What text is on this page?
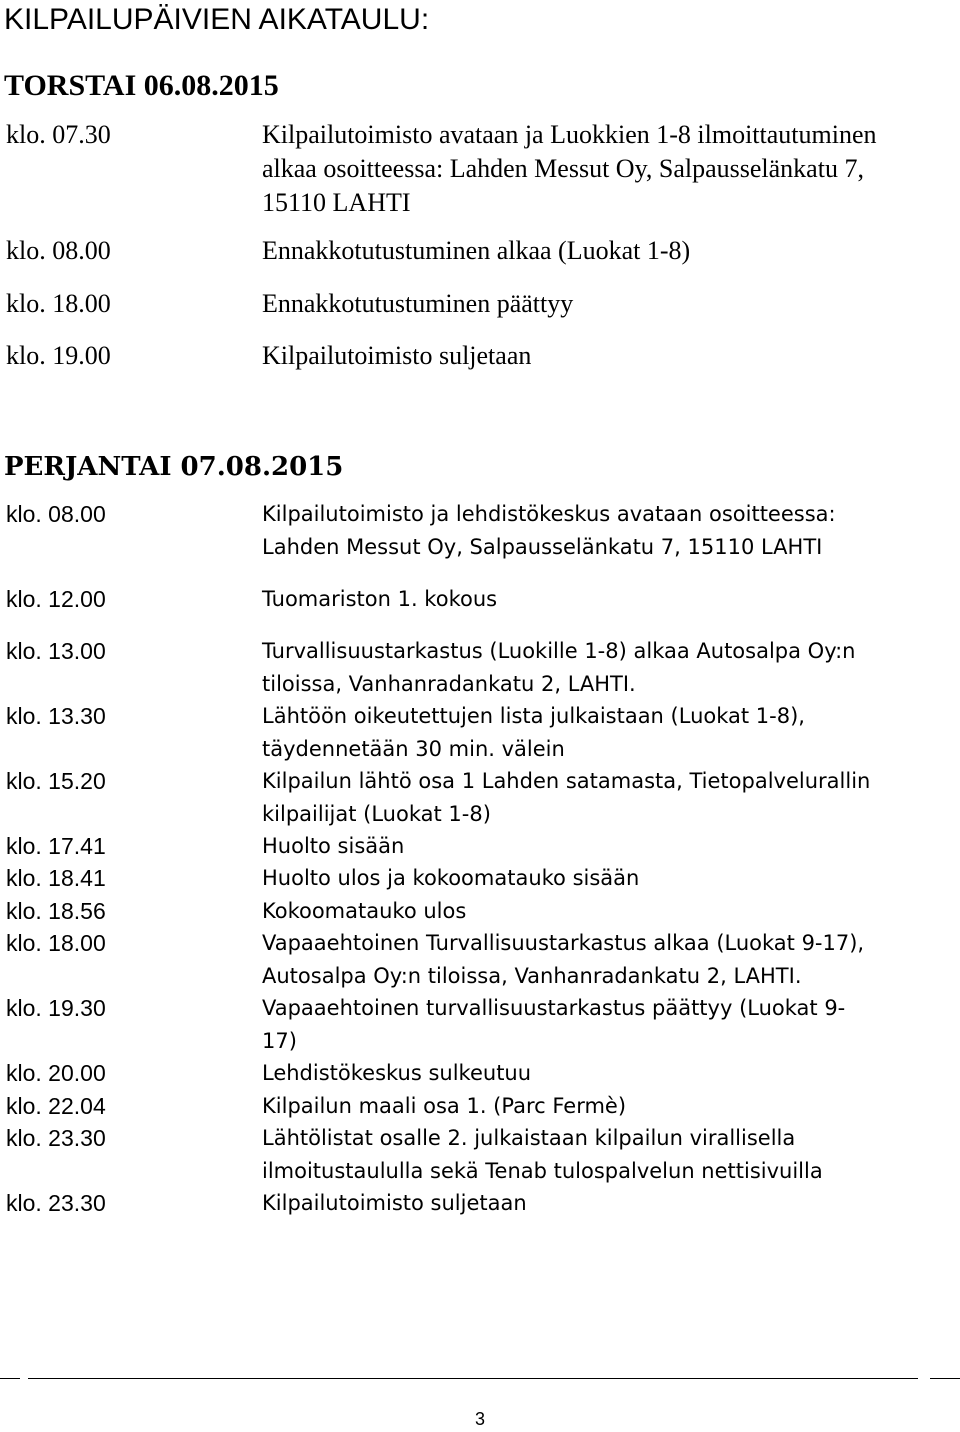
KILPAILUPÄIVIEN AIKATAULU:
TORSTAI 06.08.2015
klo. 07.30	Kilpailutoimisto avataan ja Luokkien 1-8 ilmoittautuminen
alkaa osoitteessa: Lahden Messut Oy, Salpausselänkatu 7,
15110 LAHTI
klo. 08.00	Ennakkotutustuminen alkaa (Luokat 1-8)
klo. 18.00	Ennakkotutustuminen päättyy
klo. 19.00	Kilpailutoimisto suljetaan
PERJANTAI 07.08.2015
klo. 08.00	Kilpailutoimisto ja lehdistökeskus avataan osoitteessa:
Lahden Messut Oy, Salpausselänkatu 7, 15110 LAHTI
klo. 12.00	Tuomariston 1. kokous
klo. 13.00	Turvallisuustarkastus (Luokille 1-8) alkaa Autosalpa Oy:n
tiloissa, Vanhanradankatu 2, LAHTI.
klo. 13.30	Lähtöön oikeutettujen lista julkaistaan (Luokat 1-8),
täydennetään 30 min. välein
klo. 15.20	Kilpailun lähtö osa 1 Lahden satamasta, Tietopalvelurallin
kilpailijat (Luokat 1-8)
klo. 17.41	Huolto sisään
klo. 18.41	Huolto ulos ja kokoomatauko sisään
klo. 18.56	Kokoomatauko ulos
klo. 18.00	Vapaaehtoinen Turvallisuustarkastus alkaa (Luokat 9-17),
Autosalpa Oy:n tiloissa, Vanhanradankatu 2, LAHTI.
klo. 19.30	Vapaaehtoinen turvallisuustarkastus päättyy (Luokat 9-
17)
klo. 20.00	Lehdistökeskus sulkeutuu
klo. 22.04	Kilpailun maali osa 1. (Parc Fermè)
klo. 23.30	Lähtölistat osalle 2. julkaistaan kilpailun virallisella
ilmoitustaululla sekä Tenab tulospalvelun nettisivuilla
klo. 23.30	Kilpailutoimisto suljetaan
3
